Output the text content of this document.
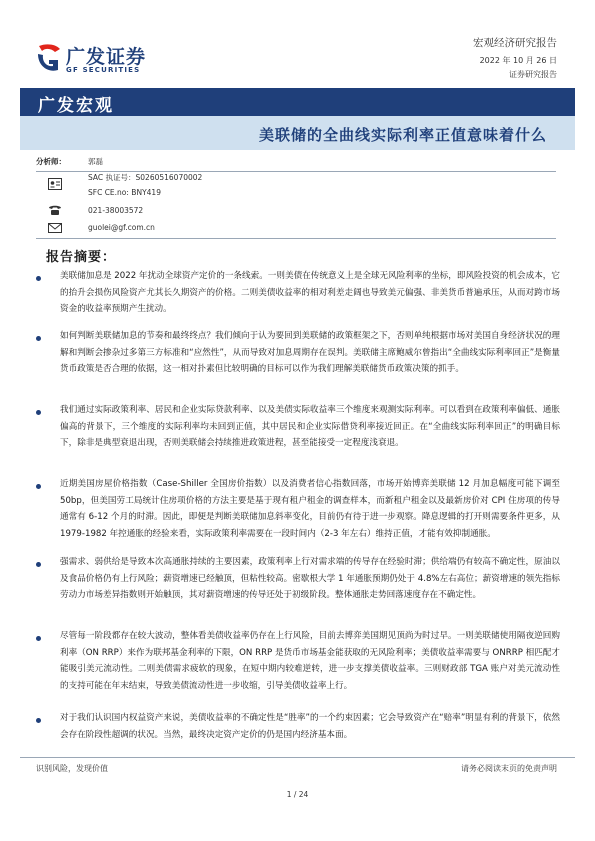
广发证券
GF SECURITIES
宏观经济研究报告
2022 年 10 月 26 日
证券研究报告
广发宏观
美联储的全曲线实际利率正值意味着什么
分析师：	郭磊
SAC 执证号：S0260516070002
SFC CE.no: BNY419
021-38003572
guolei@gf.com.cn
报告摘要：
美联储加息是 2022 年扰动全球资产定价的一条线索。一则美债在传统意义上是全球无风险利率的坐标，即风险投资的机会成本，它的抬升会损伤风险资产尤其长久期资产的价格。二则美债收益率的相对利差走阔也导致美元偏强、非美货币普遍承压，从而对跨市场资金的收益率预期产生扰动。
如何判断美联储加息的节奏和最终终点？我们倾向于认为要回到美联储的政策框架之下，否则单纯根据市场对美国自身经济状况的理解和判断会掺杂过多第三方标准和“应然性”，从而导致对加息周期存在误判。美联储主席鲍威尔曾指出“全曲线实际利率回正”是衡量货币政策是否合理的依据，这一相对扑素但比较明确的目标可以作为我们理解美联储货币政策决策的抓手。
我们通过实际政策利率、居民和企业实际贷款利率、以及美债实际收益率三个维度来观测实际利率。可以看到在政策利率偏低、通胀偏高的背景下，三个维度的实际利率均未回到正值，其中居民和企业实际借贷利率接近回正。在“全曲线实际利率回正”的明确目标下，除非是典型衰退出现，否则美联储会持续推进政策进程，甚至能接受一定程度浅衰退。
近期美国房屋价格指数（Case-Shiller 全国房价指数）以及消费者信心指数回落，市场开始博弈美联储 12 月加息幅度可能下调至 50bp，但美国劳工局统计住房项价格的方法主要是基于现有租户租金的调查样本，而新租户租金以及最新房价对 CPI 住房项的传导通常有 6-12 个月的时滞。因此，即便是判断美联储加息斜率变化，目前仍有待于进一步观察。降息逻辑的打开则需要条件更多，从 1979-1982 年控通胀的经验来看，实际政策利率需要在一段时间内（2-3 年左右）维持正值，才能有效抑制通胀。
强需求、弱供给是导致本次高通胀持续的主要因素，政策利率上行对需求端的传导存在经验时滞；供给端仍有较高不确定性，原油以及食品价格仍有上行风险；薪资增速已经触顶，但粘性较高。密歇根大学 1 年通胀预期仍处于 4.8%左右高位；薪资增速的领先指标劳动力市场差异指数则开始触顶，其对薪资增速的传导还处于初级阶段。整体通胀走势回落速度存在不确定性。
尽管每一阶段都存在较大波动，整体看美债收益率仍存在上行风险，目前去博弈美国期见顶尚为时过早。一则美联储使用隔夜逆回购利率（ON RRP）来作为联邦基金利率的下限，ON RRP 是货币市场基金能获取的无风险利率；美债收益率需要与 ONRRP 相匹配才能吸引美元流动性。二则美债需求疲软的现象，在短中期内较难逆转，进一步支撑美债收益率。三则财政部 TGA 账户对美元流动性的支持可能在年末结束，导致美债流动性进一步收缩，引导美债收益率上行。
对于我们认识国内权益资产来说，美债收益率的不确定性是“胜率”的一个约束因素；它会导致资产在“赔率”明显有利的背景下，依然会存在阶段性超调的状况。当然，最终决定资产定价的仍是国内经济基本面。
识别风险，发现价值	请务必阅读末页的免责声明
1 / 24
